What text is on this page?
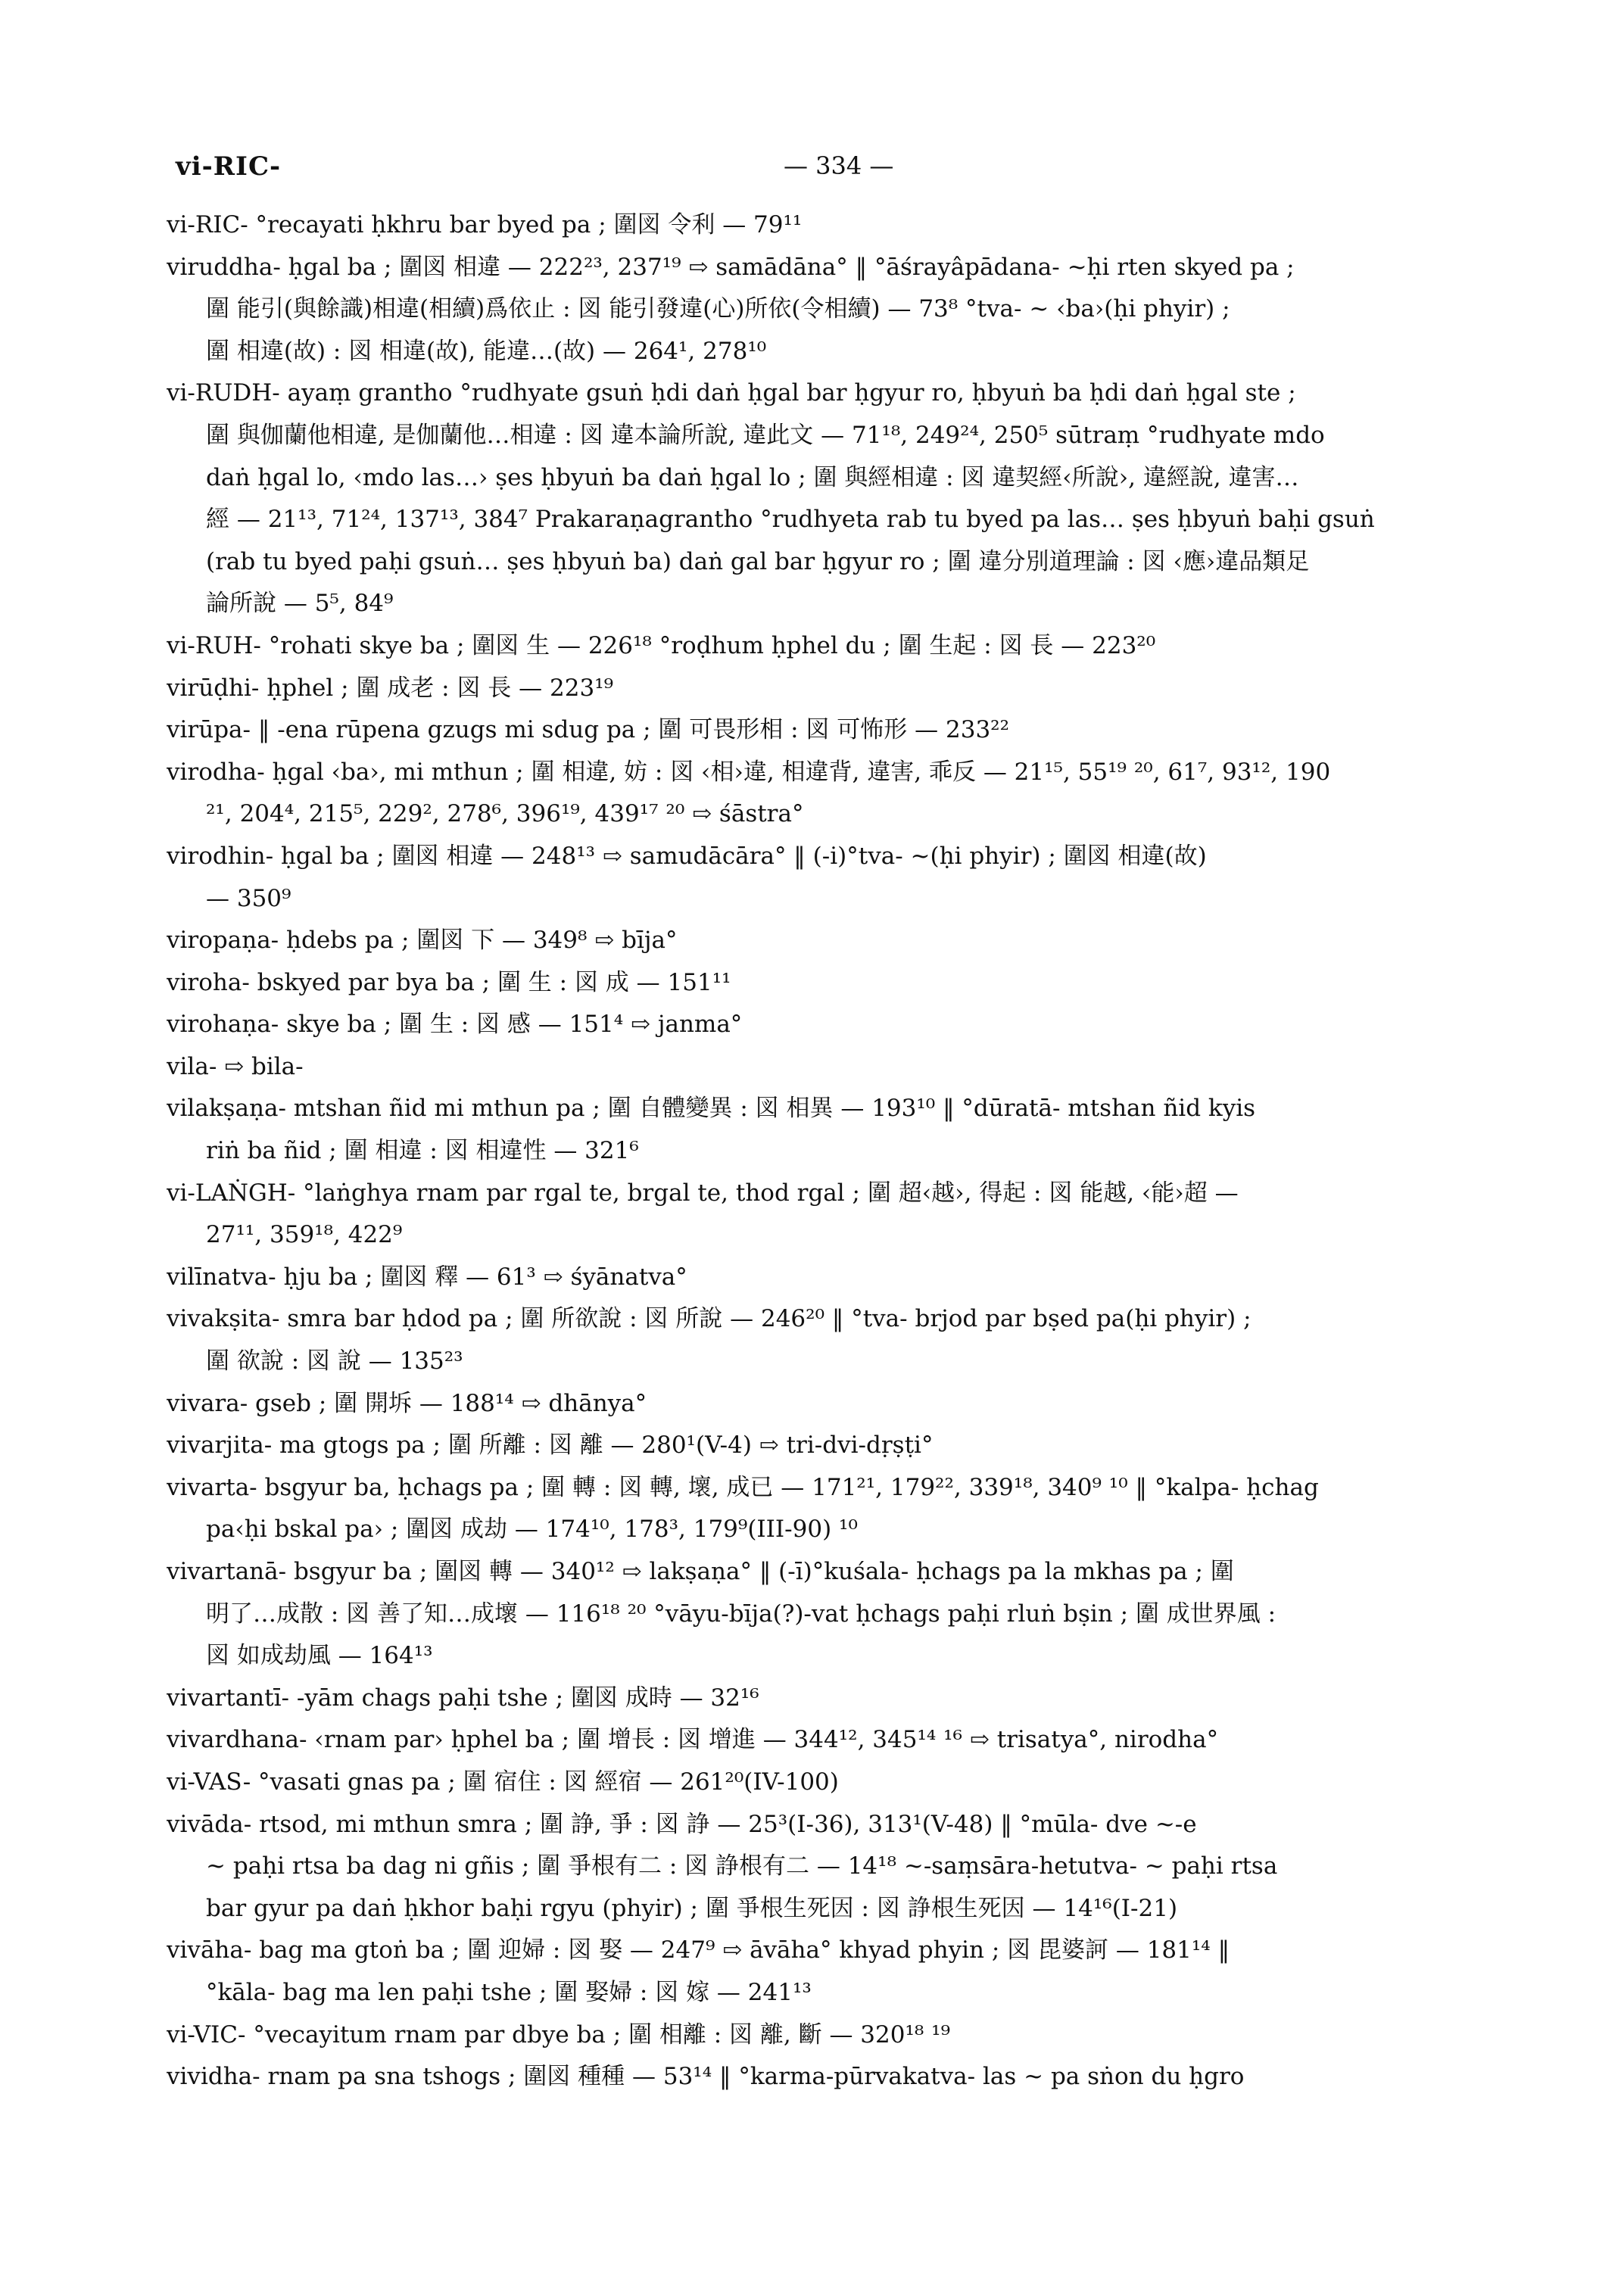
vi-RIC-	— 334 —
vi-RIC- °recayati ḥkhru bar byed pa ; 圍図 令利 — 79¹¹
viruddha- ḥgal ba ; 圍図 相違 — 222²³, 237¹⁹ ⇨ samādāna° ‖ °āśrayâpādana- ~ḥi rten skyed pa ;
圍 能引(與餘識)相違(相續)爲依止 : 図 能引發違(心)所依(令相續) — 73⁸ °tva- ~ ‹ba›(ḥi phyir) ;
圍 相違(故) : 図 相違(故), 能違…(故) — 264¹, 278¹⁰
vi-RUDH- ayaṃ grantho °rudhyate gsuṅ ḥdi daṅ ḥgal bar ḥgyur ro, ḥbyuṅ ba ḥdi daṅ ḥgal ste ;
圍 與伽蘭他相違, 是伽蘭他…相違 : 図 違本論所說, 違此文 — 71¹⁸, 249²⁴, 250⁵ sūtraṃ °rudhyate mdo
daṅ ḥgal lo, ‹mdo las…› ṣes ḥbyuṅ ba daṅ ḥgal lo ; 圍 與經相違 : 図 違契經‹所說›, 違經說, 違害…
經 — 21¹³, 71²⁴, 137¹³, 384⁷ Prakaraṇagrantho °rudhyeta rab tu byed pa las… ṣes ḥbyuṅ baḥi gsuṅ
(rab tu byed paḥi gsuṅ… ṣes ḥbyuṅ ba) daṅ gal bar ḥgyur ro ; 圍 違分別道理論 : 図 ‹應›違品類足
論所說 — 5⁵, 84⁹
vi-RUH- °rohati skye ba ; 圍図 生 — 226¹⁸ °roḍhum ḥphel du ; 圍 生起 : 図 長 — 223²⁰
virūḍhi- ḥphel ; 圍 成老 : 図 長 — 223¹⁹
virūpa- ‖ -ena rūpena gzugs mi sdug pa ; 圍 可畏形相 : 図 可怖形 — 233²²
virodha- ḥgal ‹ba›, mi mthun ; 圍 相違, 妨 : 図 ‹相›違, 相違背, 違害, 乖反 — 21¹⁵, 55¹⁹ ²⁰, 61⁷, 93¹², 190
²¹, 204⁴, 215⁵, 229², 278⁶, 396¹⁹, 439¹⁷ ²⁰ ⇨ śāstra°
virodhin- ḥgal ba ; 圍図 相違 — 248¹³ ⇨ samudācāra° ‖ (-i)°tva- ~(ḥi phyir) ; 圍図 相違(故)
— 350⁹
viropaṇa- ḥdebs pa ; 圍図 下 — 349⁸ ⇨ bīja°
viroha- bskyed par bya ba ; 圍 生 : 図 成 — 151¹¹
virohaṇa- skye ba ; 圍 生 : 図 感 — 151⁴ ⇨ janma°
vila- ⇨ bila-
vilakṣaṇa- mtshan ñid mi mthun pa ; 圍 自體變異 : 図 相異 — 193¹⁰ ‖ °dūratā- mtshan ñid kyis
riṅ ba ñid ; 圍 相違 : 図 相違性 — 321⁶
vi-LAṄGH- °laṅghya rnam par rgal te, brgal te, thod rgal ; 圍 超‹越›, 得起 : 図 能越, ‹能›超 —
27¹¹, 359¹⁸, 422⁹
vilīnatva- ḥju ba ; 圍図 釋 — 61³ ⇨ śyānatva°
vivakṣita- smra bar ḥdod pa ; 圍 所欲說 : 図 所說 — 246²⁰ ‖ °tva- brjod par bṣed pa(ḥi phyir) ;
圍 欲說 : 図 說 — 135²³
vivara- gseb ; 圍 開坼 — 188¹⁴ ⇨ dhānya°
vivarjita- ma gtogs pa ; 圍 所離 : 図 離 — 280¹(V-4) ⇨ tri-dvi-dṛṣṭi°
vivarta- bsgyur ba, ḥchags pa ; 圍 轉 : 図 轉, 壞, 成已 — 171²¹, 179²², 339¹⁸, 340⁹ ¹⁰ ‖ °kalpa- ḥchag
pa‹ḥi bskal pa› ; 圍図 成劫 — 174¹⁰, 178³, 179⁹(III-90) ¹⁰
vivartanā- bsgyur ba ; 圍図 轉 — 340¹² ⇨ lakṣaṇa° ‖ (-ī)°kuśala- ḥchags pa la mkhas pa ; 圍
明了…成散 : 図 善了知…成壞 — 116¹⁸ ²⁰ °vāyu-bīja(?)-vat ḥchags paḥi rluṅ bṣin ; 圍 成世界風 :
図 如成劫風 — 164¹³
vivartantī- -yām chags paḥi tshe ; 圍図 成時 — 32¹⁶
vivardhana- ‹rnam par› ḥphel ba ; 圍 增長 : 図 增進 — 344¹², 345¹⁴ ¹⁶ ⇨ trisatya°, nirodha°
vi-VAS- °vasati gnas pa ; 圍 宿住 : 図 經宿 — 261²⁰(IV-100)
vivāda- rtsod, mi mthun smra ; 圍 諍, 爭 : 図 諍 — 25³(I-36), 313¹(V-48) ‖ °mūla- dve ~-e
~ paḥi rtsa ba dag ni gñis ; 圍 爭根有二 : 図 諍根有二 — 14¹⁸ ~-saṃsāra-hetutva- ~ paḥi rtsa
bar gyur pa daṅ ḥkhor baḥi rgyu (phyir) ; 圍 爭根生死因 : 図 諍根生死因 — 14¹⁶(I-21)
vivāha- bag ma gtoṅ ba ; 圍 迎婦 : 図 娶 — 247⁹ ⇨ āvāha° khyad phyin ; 図 毘婆訶 — 181¹⁴ ‖
°kāla- bag ma len paḥi tshe ; 圍 娶婦 : 図 嫁 — 241¹³
vi-VIC- °vecayitum rnam par dbye ba ; 圍 相離 : 図 離, 斷 — 320¹⁸ ¹⁹
vividha- rnam pa sna tshogs ; 圍図 種種 — 53¹⁴ ‖ °karma-pūrvakatva- las ~ pa sṅon du ḥgro
